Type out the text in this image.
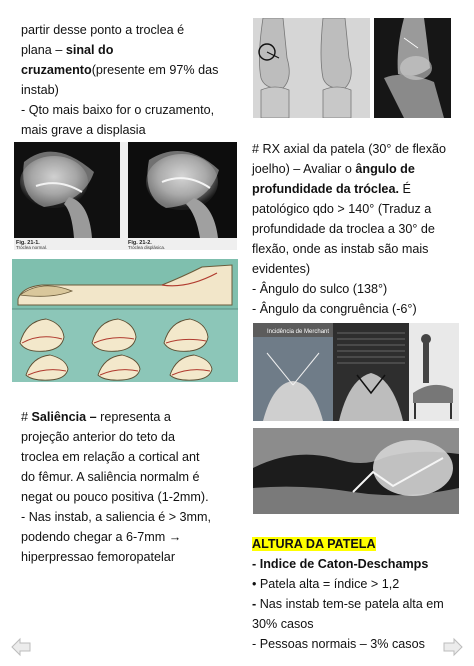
partir desse ponto a troclea é

plana – sinal do

cruzamento(presente em 97% das

instab)

- Qto mais baixo for o cruzamento,

mais grave a displasia

Fig. 21-1.
Tróclea normal.
Fig. 21-2.
Tróclea displásica.

# Saliência – representa a

projeção anterior do teto da

troclea em relação a cortical ant

do fêmur. A saliência normalm é

negat ou pouco positiva (1-2mm).

- Nas instab, a saliencia é > 3mm,

podendo chegar a 6-7mm →

hiperpressao femoropatelar

# RX axial da patela (30° de flexão

joelho) – Avaliar o ângulo de

profundidade da tróclea. É

patológico qdo > 140° (Traduz a

profundidade da troclea a 30° de

flexão, onde as instab são mais

evidentes)

- Ângulo do sulco (138°)

- Ângulo da congruência (-6°)

Incidência de Merchant

ALTURA DA PATELA

- Indice de Caton-Deschamps

• Patela alta = índice > 1,2

- Nas instab tem-se patela alta em

30% casos

- Pessoas normais – 3% casos
